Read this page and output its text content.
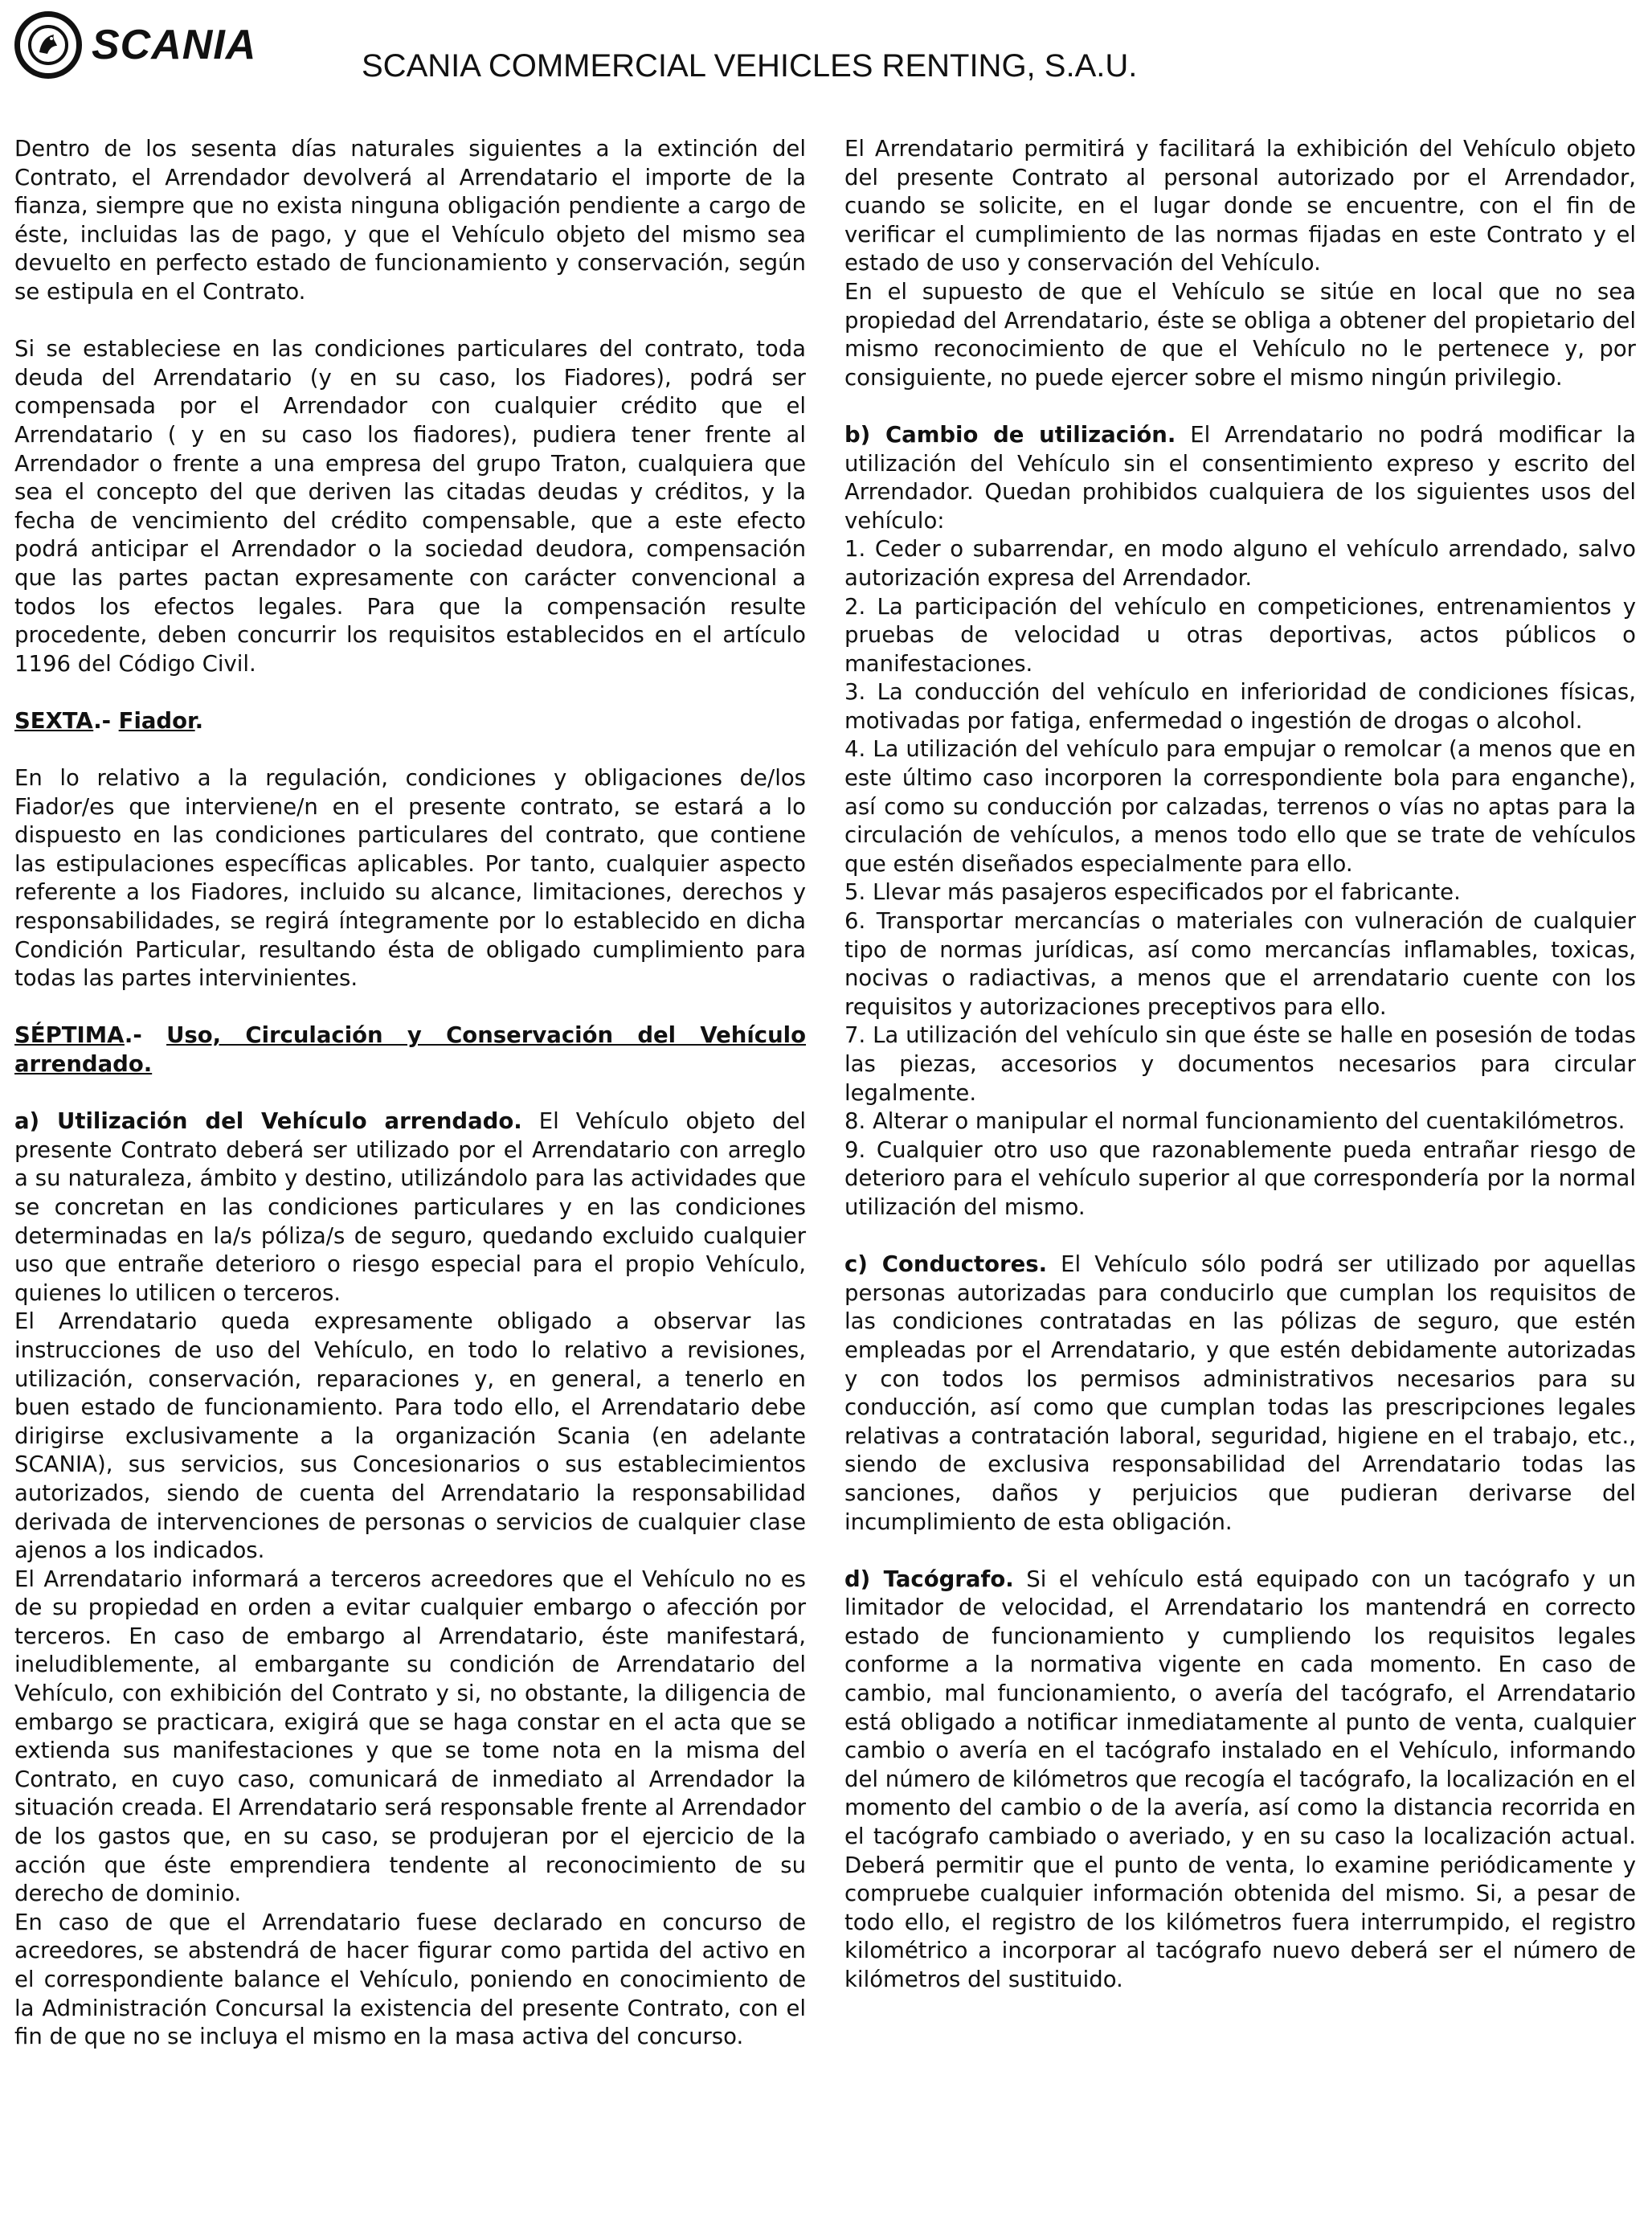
SCANIA	SCANIA COMMERCIAL VEHICLES RENTING, S.A.U.

Dentro de los sesenta días naturales siguientes a la extinción del Contrato, el Arrendador devolverá al Arrendatario el importe de la fianza, siempre que no exista ninguna obligación pendiente a cargo de éste, incluidas las de pago, y que el Vehículo objeto del mismo sea devuelto en perfecto estado de funcionamiento y conservación, según se estipula en el Contrato.

Si se estableciese en las condiciones particulares del contrato, toda deuda del Arrendatario (y en su caso, los Fiadores), podrá ser compensada por el Arrendador con cualquier crédito que el Arrendatario ( y en su caso los fiadores), pudiera tener frente al Arrendador o frente a una empresa del grupo Traton, cualquiera que sea el concepto del que deriven las citadas deudas y créditos, y la fecha de vencimiento del crédito compensable, que a este efecto podrá anticipar el Arrendador o la sociedad deudora, compensación que las partes pactan expresamente con carácter convencional a todos los efectos legales. Para que la compensación resulte procedente, deben concurrir los requisitos establecidos en el artículo 1196 del Código Civil.

SEXTA.- Fiador.

En lo relativo a la regulación, condiciones y obligaciones de/los Fiador/es que interviene/n en el presente contrato, se estará a lo dispuesto en las condiciones particulares del contrato, que contiene las estipulaciones específicas aplicables. Por tanto, cualquier aspecto referente a los Fiadores, incluido su alcance, limitaciones, derechos y responsabilidades, se regirá íntegramente por lo establecido en dicha Condición Particular, resultando ésta de obligado cumplimiento para todas las partes intervinientes.

SÉPTIMA.- Uso, Circulación y Conservación del Vehículo arrendado.

a) Utilización del Vehículo arrendado. El Vehículo objeto del presente Contrato deberá ser utilizado por el Arrendatario con arreglo a su naturaleza, ámbito y destino, utilizándolo para las actividades que se concretan en las condiciones particulares y en las condiciones determinadas en la/s póliza/s de seguro, quedando excluido cualquier uso que entrañe deterioro o riesgo especial para el propio Vehículo, quienes lo utilicen o terceros.

El Arrendatario queda expresamente obligado a observar las instrucciones de uso del Vehículo, en todo lo relativo a revisiones, utilización, conservación, reparaciones y, en general, a tenerlo en buen estado de funcionamiento. Para todo ello, el Arrendatario debe dirigirse exclusivamente a la organización Scania (en adelante SCANIA), sus servicios, sus Concesionarios o sus establecimientos autorizados, siendo de cuenta del Arrendatario la responsabilidad derivada de intervenciones de personas o servicios de cualquier clase ajenos a los indicados.

El Arrendatario informará a terceros acreedores que el Vehículo no es de su propiedad en orden a evitar cualquier embargo o afección por terceros. En caso de embargo al Arrendatario, éste manifestará, ineludiblemente, al embargante su condición de Arrendatario del Vehículo, con exhibición del Contrato y si, no obstante, la diligencia de embargo se practicara, exigirá que se haga constar en el acta que se extienda sus manifestaciones y que se tome nota en la misma del Contrato, en cuyo caso, comunicará de inmediato al Arrendador la situación creada. El Arrendatario será responsable frente al Arrendador de los gastos que, en su caso, se produjeran por el ejercicio de la acción que éste emprendiera tendente al reconocimiento de su derecho de dominio.

En caso de que el Arrendatario fuese declarado en concurso de acreedores, se abstendrá de hacer figurar como partida del activo en el correspondiente balance el Vehículo, poniendo en conocimiento de la Administración Concursal la existencia del presente Contrato, con el fin de que no se incluya el mismo en la masa activa del concurso.

El Arrendatario permitirá y facilitará la exhibición del Vehículo objeto del presente Contrato al personal autorizado por el Arrendador, cuando se solicite, en el lugar donde se encuentre, con el fin de verificar el cumplimiento de las normas fijadas en este Contrato y el estado de uso y conservación del Vehículo.

En el supuesto de que el Vehículo se sitúe en local que no sea propiedad del Arrendatario, éste se obliga a obtener del propietario del mismo reconocimiento de que el Vehículo no le pertenece y, por consiguiente, no puede ejercer sobre el mismo ningún privilegio.

b) Cambio de utilización. El Arrendatario no podrá modificar la utilización del Vehículo sin el consentimiento expreso y escrito del Arrendador. Quedan prohibidos cualquiera de los siguientes usos del vehículo:

1. Ceder o subarrendar, en modo alguno el vehículo arrendado, salvo autorización expresa del Arrendador.

2. La participación del vehículo en competiciones, entrenamientos y pruebas de velocidad u otras deportivas, actos públicos o manifestaciones.

3. La conducción del vehículo en inferioridad de condiciones físicas, motivadas por fatiga, enfermedad o ingestión de drogas o alcohol.

4. La utilización del vehículo para empujar o remolcar (a menos que en este último caso incorporen la correspondiente bola para enganche), así como su conducción por calzadas, terrenos o vías no aptas para la circulación de vehículos, a menos todo ello que se trate de vehículos que estén diseñados especialmente para ello.

5. Llevar más pasajeros especificados por el fabricante.

6. Transportar mercancías o materiales con vulneración de cualquier tipo de normas jurídicas, así como mercancías inflamables, toxicas, nocivas o radiactivas, a menos que el arrendatario cuente con los requisitos y autorizaciones preceptivos para ello.

7. La utilización del vehículo sin que éste se halle en posesión de todas las piezas, accesorios y documentos necesarios para circular legalmente.

8. Alterar o manipular el normal funcionamiento del cuentakilómetros.

9. Cualquier otro uso que razonablemente pueda entrañar riesgo de deterioro para el vehículo superior al que correspondería por la normal utilización del mismo.

c) Conductores. El Vehículo sólo podrá ser utilizado por aquellas personas autorizadas para conducirlo que cumplan los requisitos de las condiciones contratadas en las pólizas de seguro, que estén empleadas por el Arrendatario, y que estén debidamente autorizadas y con todos los permisos administrativos necesarios para su conducción, así como que cumplan todas las prescripciones legales relativas a contratación laboral, seguridad, higiene en el trabajo, etc., siendo de exclusiva responsabilidad del Arrendatario todas las sanciones, daños y perjuicios que pudieran derivarse del incumplimiento de esta obligación.

d) Tacógrafo. Si el vehículo está equipado con un tacógrafo y un limitador de velocidad, el Arrendatario los mantendrá en correcto estado de funcionamiento y cumpliendo los requisitos legales conforme a la normativa vigente en cada momento. En caso de cambio, mal funcionamiento, o avería del tacógrafo, el Arrendatario está obligado a notificar inmediatamente al punto de venta, cualquier cambio o avería en el tacógrafo instalado en el Vehículo, informando del número de kilómetros que recogía el tacógrafo, la localización en el momento del cambio o de la avería, así como la distancia recorrida en el tacógrafo cambiado o averiado, y en su caso la localización actual. Deberá permitir que el punto de venta, lo examine periódicamente y compruebe cualquier información obtenida del mismo. Si, a pesar de todo ello, el registro de los kilómetros fuera interrumpido, el registro kilométrico a incorporar al tacógrafo nuevo deberá ser el número de kilómetros del sustituido.
